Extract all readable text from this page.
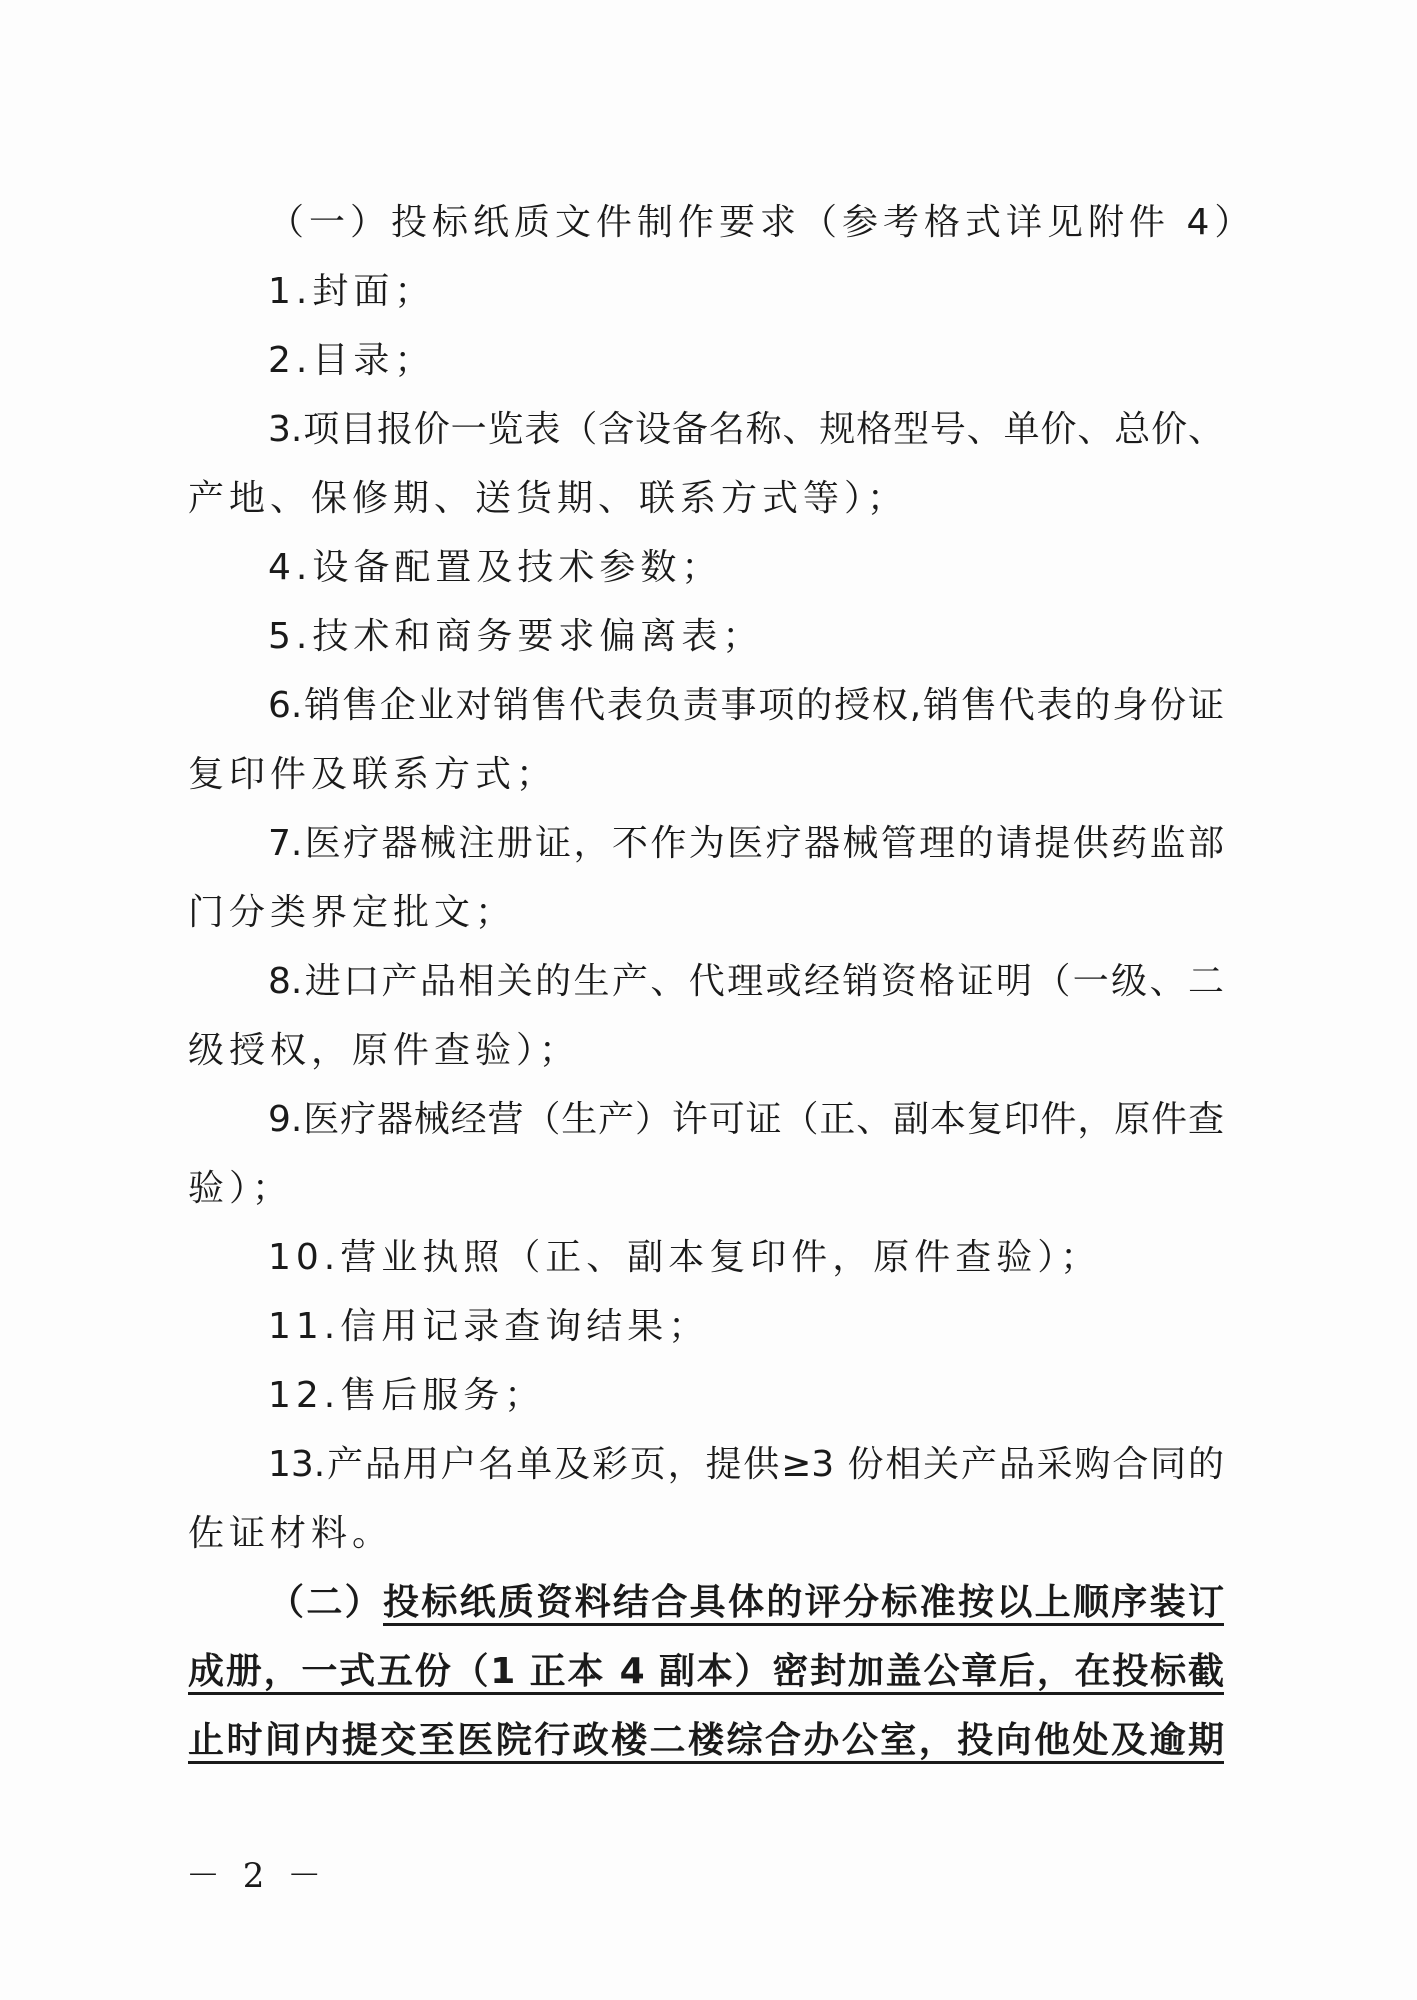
（一）投标纸质文件制作要求（参考格式详见附件 4）
1.封面；
2.目录；
3.项目报价一览表（含设备名称、规格型号、单价、总价、
产地、保修期、送货期、联系方式等）；
4.设备配置及技术参数；
5.技术和商务要求偏离表；
6.销售企业对销售代表负责事项的授权,销售代表的身份证
复印件及联系方式；
7.医疗器械注册证，不作为医疗器械管理的请提供药监部
门分类界定批文；
8.进口产品相关的生产、代理或经销资格证明（一级、二
级授权，原件查验）；
9.医疗器械经营（生产）许可证（正、副本复印件，原件查
验）；
10.营业执照（正、副本复印件，原件查验）；
11.信用记录查询结果；
12.售后服务；
13.产品用户名单及彩页，提供≥3 份相关产品采购合同的
佐证材料。
（二）投标纸质资料结合具体的评分标准按以上顺序装订
成册，一式五份（1 正本 4 副本）密封加盖公章后，在投标截
止时间内提交至医院行政楼二楼综合办公室，投向他处及逾期
－ 2 －
